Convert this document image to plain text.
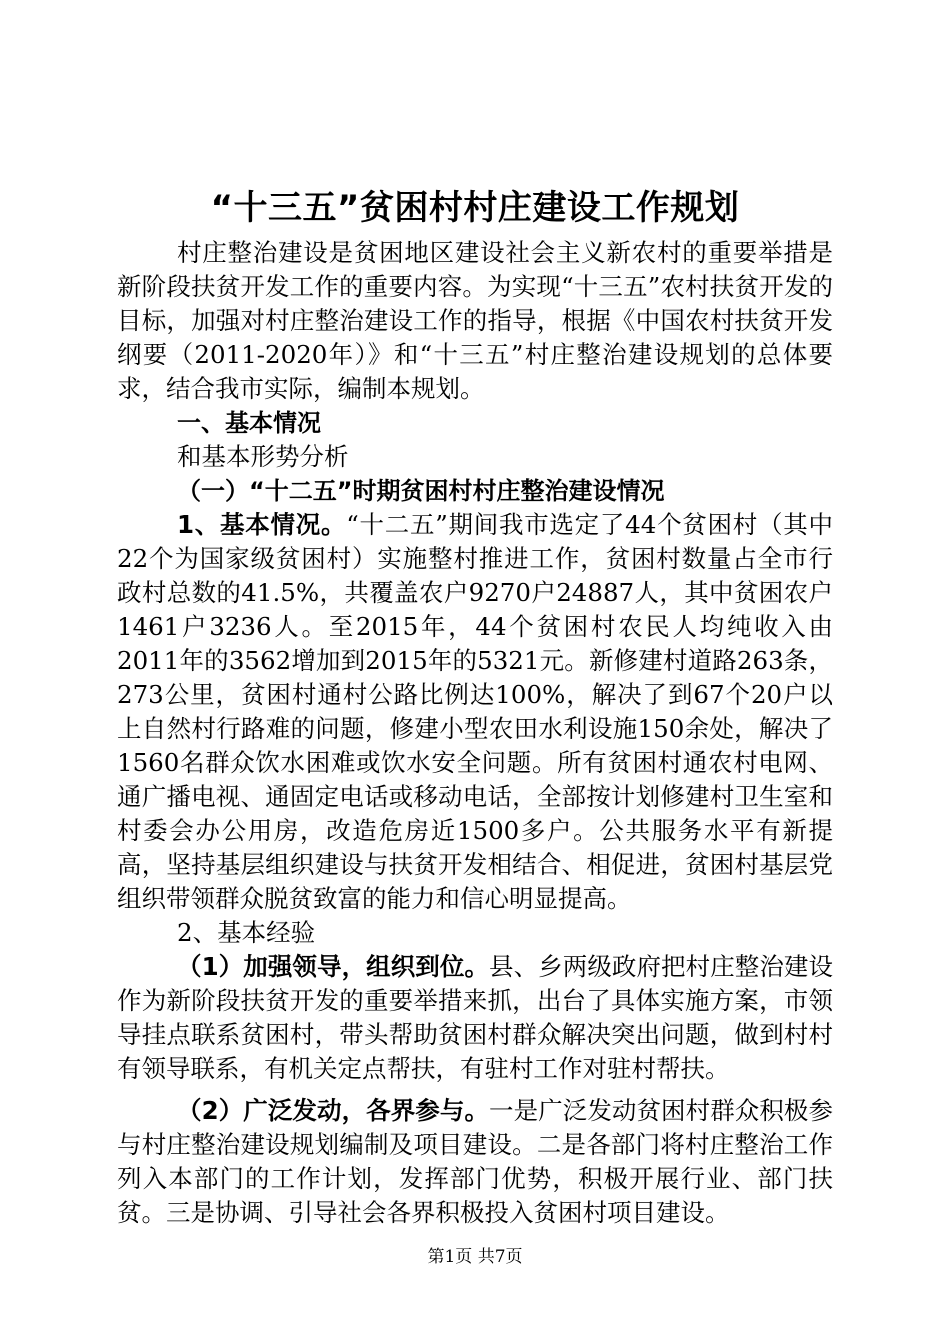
“十三五”贫困村村庄建设工作规划

村庄整治建设是贫困地区建设社会主义新农村的重要举措是新阶段扶贫开发工作的重要内容。为实现“十三五”农村扶贫开发的目标，加强对村庄整治建设工作的指导，根据《中国农村扶贫开发纲要（2011-2020年）》和“十三五”村庄整治建设规划的总体要求，结合我市实际，编制本规划。

一、基本情况

和基本形势分析

（一）“十二五”时期贫困村村庄整治建设情况

1、基本情况。“十二五”期间我市选定了44个贫困村（其中22个为国家级贫困村）实施整村推进工作，贫困村数量占全市行政村总数的41.5%，共覆盖农户9270户24887人，其中贫困农户1461户3236人。至2015年，44个贫困村农民人均纯收入由2011年的3562增加到2015年的5321元。新修建村道路263条，273公里，贫困村通村公路比例达100%，解决了到67个20户以上自然村行路难的问题，修建小型农田水利设施150余处，解决了1560名群众饮水困难或饮水安全问题。所有贫困村通农村电网、通广播电视、通固定电话或移动电话，全部按计划修建村卫生室和村委会办公用房，改造危房近1500多户。公共服务水平有新提高，坚持基层组织建设与扶贫开发相结合、相促进，贫困村基层党组织带领群众脱贫致富的能力和信心明显提高。

2、基本经验

（1）加强领导，组织到位。县、乡两级政府把村庄整治建设作为新阶段扶贫开发的重要举措来抓，出台了具体实施方案，市领导挂点联系贫困村，带头帮助贫困村群众解决突出问题，做到村村有领导联系，有机关定点帮扶，有驻村工作对驻村帮扶。

（2）广泛发动，各界参与。一是广泛发动贫困村群众积极参与村庄整治建设规划编制及项目建设。二是各部门将村庄整治工作列入本部门的工作计划，发挥部门优势，积极开展行业、部门扶贫。三是协调、引导社会各界积极投入贫困村项目建设。

第1页 共7页
